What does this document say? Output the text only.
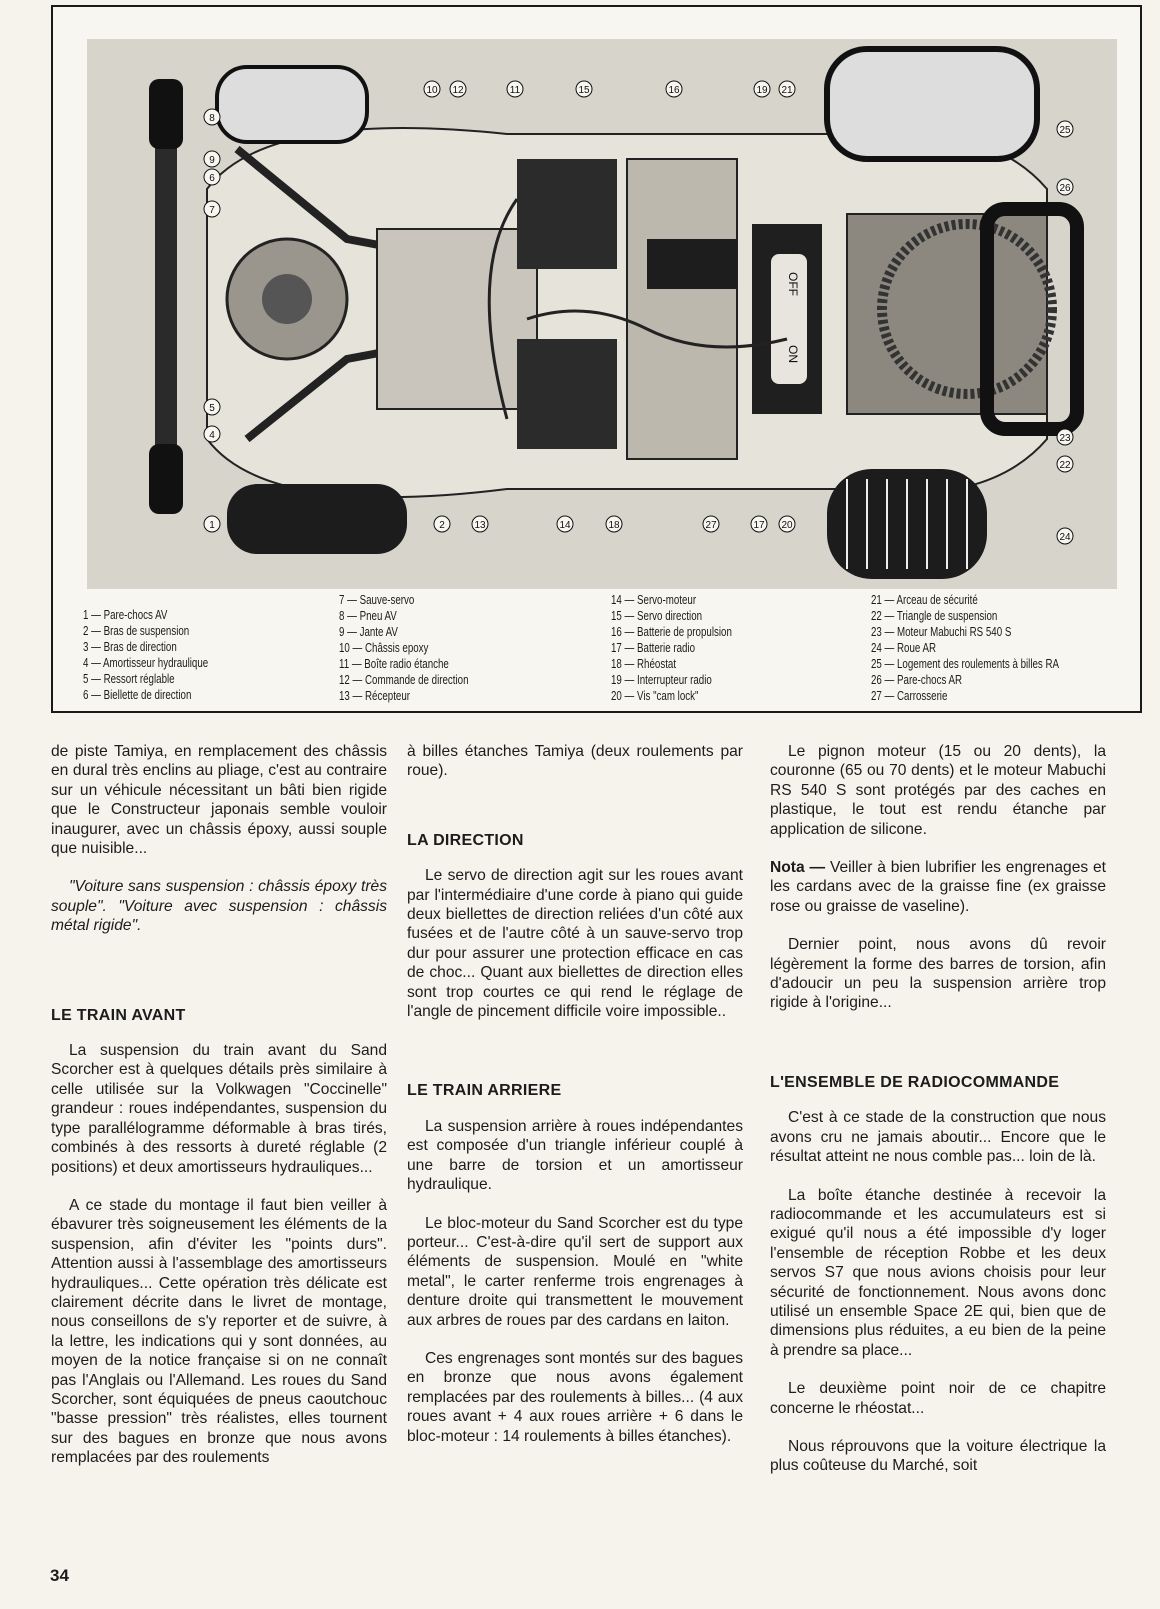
OFF
ON
1
4
5
7
6
9
8
10 12	11	15	16	19 21
25
26
23
22
24
2	13	14	18	27	17 20
1 — Pare-chocs AV
2 — Bras de suspension
3 — Bras de direction
4 — Amortisseur hydraulique
5 — Ressort réglable
6 — Biellette de direction
7 — Sauve-servo
8 — Pneu AV
9 — Jante AV
10 — Châssis epoxy
11 — Boîte radio étanche
12 — Commande de direction
13 — Récepteur
14 — Servo-moteur
15 — Servo direction
16 — Batterie de propulsion
17 — Batterie radio
18 — Rhéostat
19 — Interrupteur radio
20 — Vis "cam lock"
21 — Arceau de sécurité
22 — Triangle de suspension
23 — Moteur Mabuchi RS 540 S
24 — Roue AR
25 — Logement des roulements à billes RA
26 — Pare-chocs AR
27 — Carrosserie

de piste Tamiya, en remplacement des châssis en dural très enclins au pliage, c'est au contraire sur un véhicule nécessitant un bâti bien rigide que le Constructeur japonais semble vouloir inaugurer, avec un châssis époxy, aussi souple que nuisible...

"Voiture sans suspension : châssis époxy très souple". "Voiture avec suspension : châssis métal rigide".

LE TRAIN AVANT

La suspension du train avant du Sand Scorcher est à quelques détails près similaire à celle utilisée sur la Volkwagen "Coccinelle" grandeur : roues indépendantes, suspension du type parallélogramme déformable à bras tirés, combinés à des ressorts à dureté réglable (2 positions) et deux amortisseurs hydrauliques...

A ce stade du montage il faut bien veiller à ébavurer très soigneusement les éléments de la suspension, afin d'éviter les "points durs". Attention aussi à l'assemblage des amortisseurs hydrauliques... Cette opération très délicate est clairement décrite dans le livret de montage, nous conseillons de s'y reporter et de suivre, à la lettre, les indications qui y sont données, au moyen de la notice française si on ne connaît pas l'Anglais ou l'Allemand. Les roues du Sand Scorcher, sont équiquées de pneus caoutchouc "basse pression" très réalistes, elles tournent sur des bagues en bronze que nous avons remplacées par des roulements

à billes étanches Tamiya (deux roulements par roue).

LA DIRECTION

Le servo de direction agit sur les roues avant par l'intermédiaire d'une corde à piano qui guide deux biellettes de direction reliées d'un côté aux fusées et de l'autre côté à un sauve-servo trop dur pour assurer une protection efficace en cas de choc... Quant aux biellettes de direction elles sont trop courtes ce qui rend le réglage de l'angle de pincement difficile voire impossible..

LE TRAIN ARRIERE

La suspension arrière à roues indépendantes est composée d'un triangle inférieur couplé à une barre de torsion et un amortisseur hydraulique.

Le bloc-moteur du Sand Scorcher est du type porteur... C'est-à-dire qu'il sert de support aux éléments de suspension. Moulé en "white metal", le carter renferme trois engrenages à denture droite qui transmettent le mouvement aux arbres de roues par des cardans en laiton.

Ces engrenages sont montés sur des bagues en bronze que nous avons également remplacées par des roulements à billes... (4 aux roues avant + 4 aux roues arrière + 6 dans le bloc-moteur : 14 roulements à billes étanches).

Le pignon moteur (15 ou 20 dents), la couronne (65 ou 70 dents) et le moteur Mabuchi RS 540 S sont protégés par des caches en plastique, le tout est rendu étanche par application de silicone.

Nota — Veiller à bien lubrifier les engrenages et les cardans avec de la graisse fine (ex graisse rose ou graisse de vaseline).

Dernier point, nous avons dû revoir légèrement la forme des barres de torsion, afin d'adoucir un peu la suspension arrière trop rigide à l'origine...

L'ENSEMBLE DE RADIOCOMMANDE

C'est à ce stade de la construction que nous avons cru ne jamais aboutir... Encore que le résultat atteint ne nous comble pas... loin de là.

La boîte étanche destinée à recevoir la radiocommande et les accumulateurs est si exigué qu'il nous a été impossible d'y loger l'ensemble de réception Robbe et les deux servos S7 que nous avions choisis pour leur sécurité de fonctionnement. Nous avons donc utilisé un ensemble Space 2E qui, bien que de dimensions plus réduites, a eu bien de la peine à prendre sa place...

Le deuxième point noir de ce chapitre concerne le rhéostat...

Nous réprouvons que la voiture électrique la plus coûteuse du Marché, soit

34
